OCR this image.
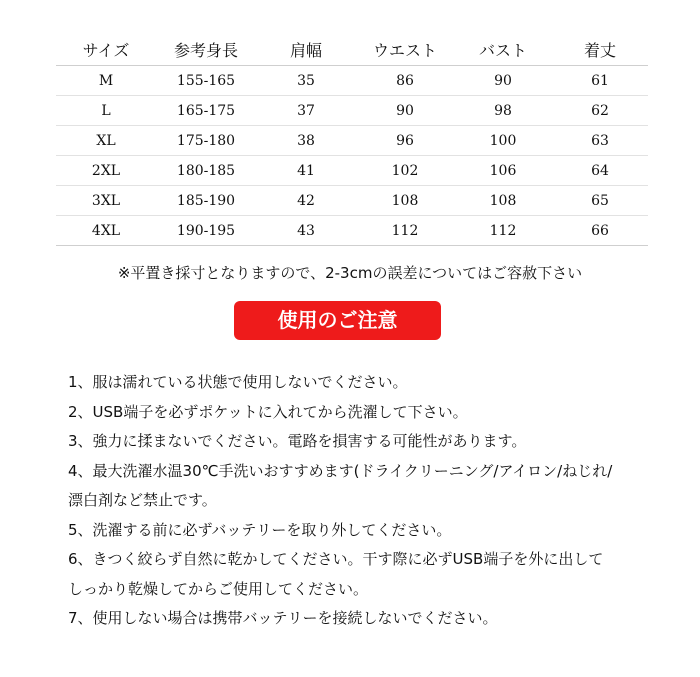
サイズ	参考身長	肩幅	ウエスト	バスト	着丈
M	155-165	35	86	90	61
L	165-175	37	90	98	62
XL	175-180	38	96	100	63
2XL	180-185	41	102	106	64
3XL	185-190	42	108	108	65
4XL	190-195	43	112	112	66
※平置き採寸となりますので、2-3cmの誤差についてはご容赦下さい
使用のご注意
1、服は濡れている状態で使用しないでください。
2、USB端子を必ずポケットに入れてから洗濯して下さい。
3、強力に揉まないでください。電路を損害する可能性があります。
4、最大洗濯水温30℃手洗いおすすめます(ドライクリーニング/アイロン/ねじれ/
漂白剤など禁止です。
5、洗濯する前に必ずバッテリーを取り外してください。
6、きつく絞らず自然に乾かしてください。干す際に必ずUSB端子を外に出して
しっかり乾燥してからご使用してください。
7、使用しない場合は携帯バッテリーを接続しないでください。
